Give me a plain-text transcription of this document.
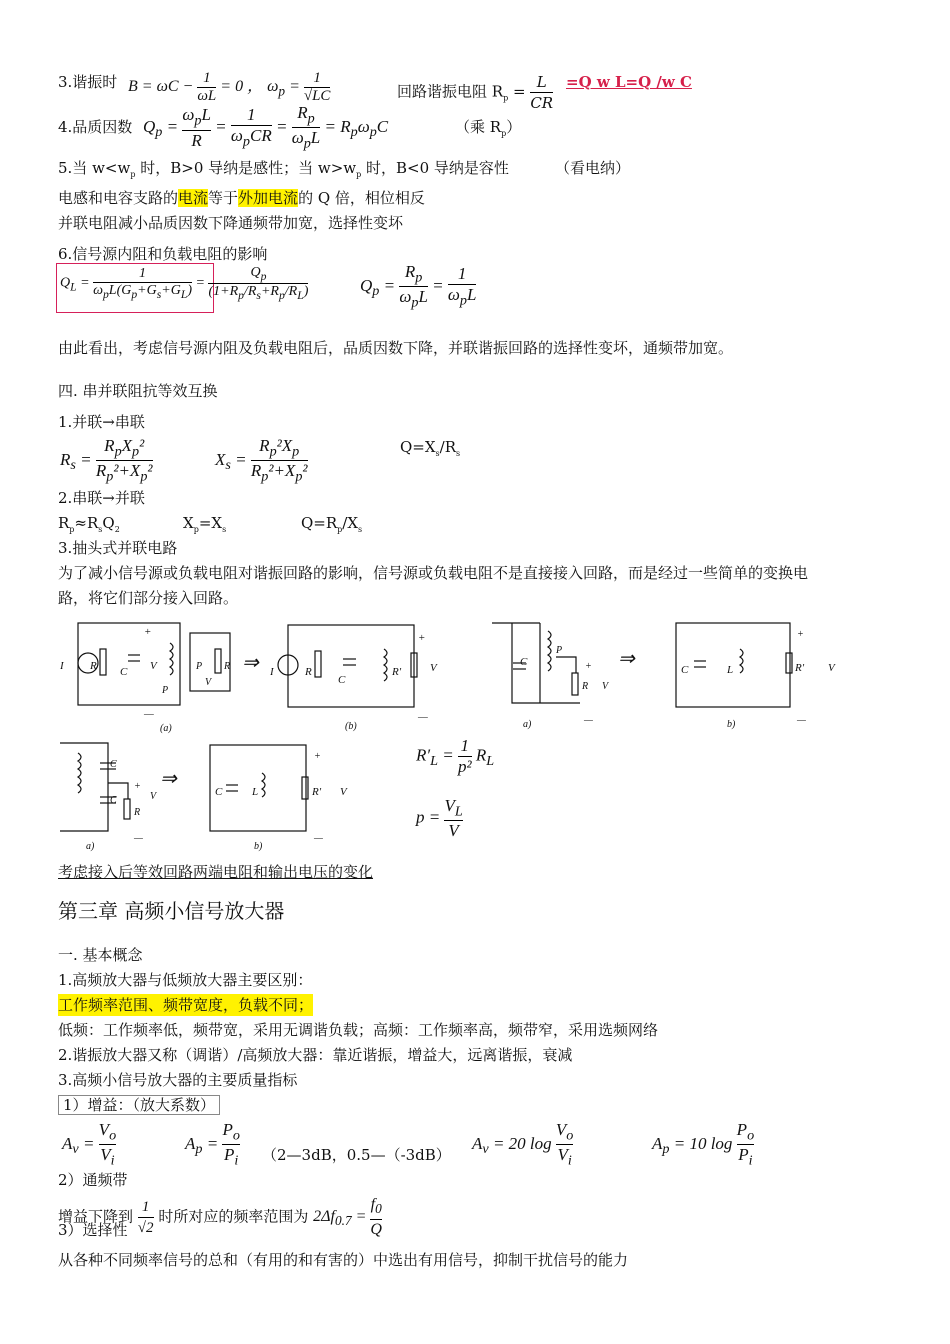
3.谐振时 B = ωC −
1
ωL = 0 ， $\omega_p$ =
1
√LC	回路谐振电阻 $R_p$ =
L
CR
=Q w L=Q /w C
4.品质因数 $Q_p$ =
$\omega_pL$
R =
1
$\omega_pCR$ =
$R_p$
$\omega_pL = R_p\omega_pC$	（乘 $R_p$）
5.当 $w<w_p$ 时，B>0 导纳是感性；当 $w>w_p$ 时，B<0 导纳是容性	（看电纳）
电感和电容支路的电流等于外加电流的 Q 倍，相位相反
并联电阻减小品质因数下降通频带加宽，选择性变坏
6.信号源内阻和负载电阻的影响
$Q_L$ =
1
$\omega_pL(G_p+G_s+G_L)$ =
$Q_p$
$(1+R_p/R_s+R_p/R_L)$	$Q_p$ =
$R_p$
$\omega_pL$ =
1
$\omega_pL$
由此看出，考虑信号源内阻及负载电阻后，品质因数下降，并联谐振回路的选择性变坏，通频带加宽。
四. 串并联阻抗等效互换
1.并联→串联
$R_s$ =
$R_pX_p^2$
$R_p^2+X_p^2$
$X_s$ =
$R_p^2X_p$
$R_p^2+X_p^2$
$Q=X_s/R_s$
2.串联→并联
$R_p\approx R_sQ_2$	$X_p=X_s$	$Q=R_p/X_s$
3.抽头式并联电路
为了减小信号源或负载电阻对谐振回路的影响，信号源或负载电阻不是直接接入回路，而是经过一些简单的变换电
路，将它们部分接入回路。
I R C V
P
+
—
P R
V
(a)
⇒ I	R
C
R′	V
+
—
(b)
C
P
R V
+
—
a)
⇒	C	L	R′ V
+
—
b)
C
C
R
V
+
—
a)
⇒
C	L	R′ V
+
—
b)
$R'_L = 1$
p² $R_L$
p =
$V_L$
V
考虑接入后等效回路两端电阻和输出电压的变化
第三章 高频小信号放大器
一. 基本概念
1.高频放大器与低频放大器主要区别：
工作频率范围、频带宽度，负载不同；
低频：工作频率低，频带宽，采用无调谐负载；高频：工作频率高，频带窄，采用选频网络
2.谐振放大器又称（调谐）/高频放大器：靠近谐振，增益大，远离谐振，衰减
3.高频小信号放大器的主要质量指标
1）增益：（放大系数）
$A_v$ =
$V_o$
$V_i$
$A_p$ =
$P_o$
$P_i$ （2—3dB，0.5—（-3dB）
$A_v = 20$ log
$V_o$
$V_i$
$A_p = 10$ log
$P_o$
$P_i$
2）通频带
增益下降到
1
√2 时所对应的频率范围为 $2\Delta f_{0.7}$ =
$f_0$
Q
3）选择性
从各种不同频率信号的总和（有用的和有害的）中选出有用信号，抑制干扰信号的能力
